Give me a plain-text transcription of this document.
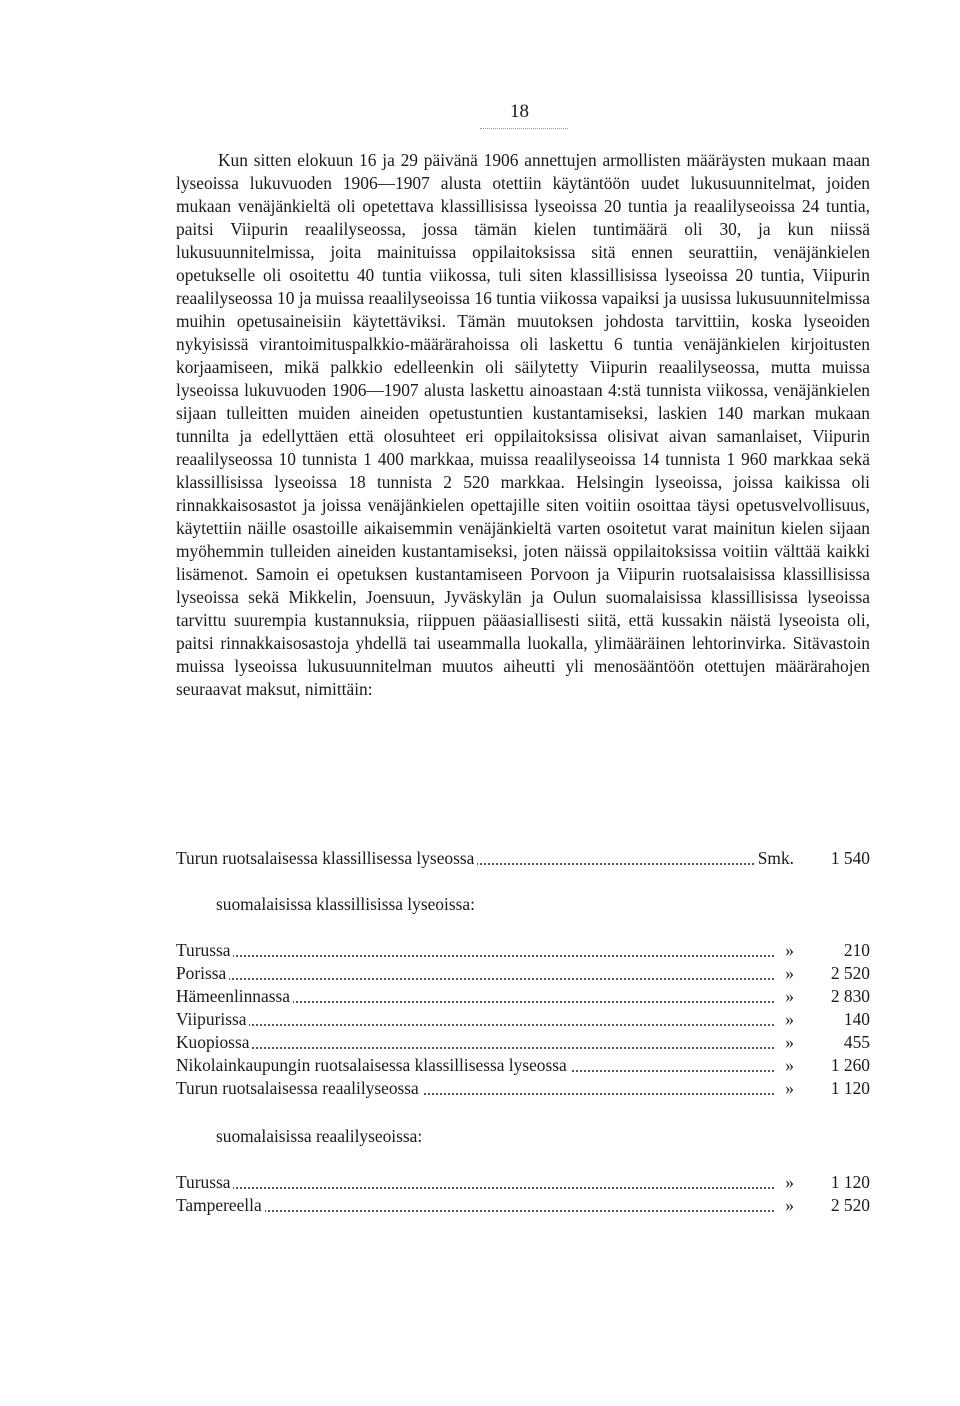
18

Kun sitten elokuun 16 ja 29 päivänä 1906 annettujen armollisten määräysten mukaan maan lyseoissa lukuvuoden 1906—1907 alusta otettiin käytäntöön uudet lukusuunnitelmat, joiden mukaan venäjänkieltä oli opetettava klassillisissa lyseoissa 20 tuntia ja reaalilyseoissa 24 tuntia, paitsi Viipurin reaalilyseossa, jossa tämän kielen tuntimäärä oli 30, ja kun niissä lukusuunnitelmissa, joita mainituissa oppilaitoksissa sitä ennen seurattiin, venäjänkielen opetukselle oli osoitettu 40 tuntia viikossa, tuli siten klassillisissa lyseoissa 20 tuntia, Viipurin reaalilyseossa 10 ja muissa reaalilyseoissa 16 tuntia viikossa vapaiksi ja uusissa lukusuunnitelmissa muihin opetusaineisiin käytettäviksi. Tämän muutoksen johdosta tarvittiin, koska lyseoiden nykyisissä virantoimituspalkkio-määrärahoissa oli laskettu 6 tuntia venäjänkielen kirjoitusten korjaamiseen, mikä palkkio edelleenkin oli säilytetty Viipurin reaalilyseossa, mutta muissa lyseoissa lukuvuoden 1906—1907 alusta laskettu ainoastaan 4:stä tunnista viikossa, venäjänkielen sijaan tulleitten muiden aineiden opetustuntien kustantamiseksi, laskien 140 markan mukaan tunnilta ja edellyttäen että olosuhteet eri oppilaitoksissa olisivat aivan samanlaiset, Viipurin reaalilyseossa 10 tunnista 1 400 markkaa, muissa reaalilyseoissa 14 tunnista 1 960 markkaa sekä klassillisissa lyseoissa 18 tunnista 2 520 markkaa. Helsingin lyseoissa, joissa kaikissa oli rinnakkaisosastot ja joissa venäjänkielen opettajille siten voitiin osoittaa täysi opetusvelvollisuus, käytettiin näille osastoille aikaisemmin venäjänkieltä varten osoitetut varat mainitun kielen sijaan myöhemmin tulleiden aineiden kustantamiseksi, joten näissä oppilaitoksissa voitiin välttää kaikki lisämenot. Samoin ei opetuksen kustantamiseen Porvoon ja Viipurin ruotsalaisissa klassillisissa lyseoissa sekä Mikkelin, Joensuun, Jyväskylän ja Oulun suomalaisissa klassillisissa lyseoissa tarvittu suurempia kustannuksia, riippuen pääasiallisesti siitä, että kussakin näistä lyseoista oli, paitsi rinnakkaisosastoja yhdellä tai useammalla luokalla, ylimääräinen lehtorinvirka. Sitävastoin muissa lyseoissa lukusuunnitelman muutos aiheutti yli menosääntöön otettujen määrärahojen seuraavat maksut, nimittäin:

Turun ruotsalaisessa klassillisessa lyseossa	Smk. 1 540
suomalaisissa klassillisissa lyseoissa:
Turussa	»	210
Porissa	» 2 520
Hämeenlinnassa	» 2 830
Viipurissa	»	140
Kuopiossa	»	455
Nikolainkaupungin ruotsalaisessa klassillisessa lyseossa	» 1 260
Turun ruotsalaisessa reaalilyseossa	» 1 120
suomalaisissa reaalilyseoissa:
Turussa	» 1 120
Tampereella	» 2 520
